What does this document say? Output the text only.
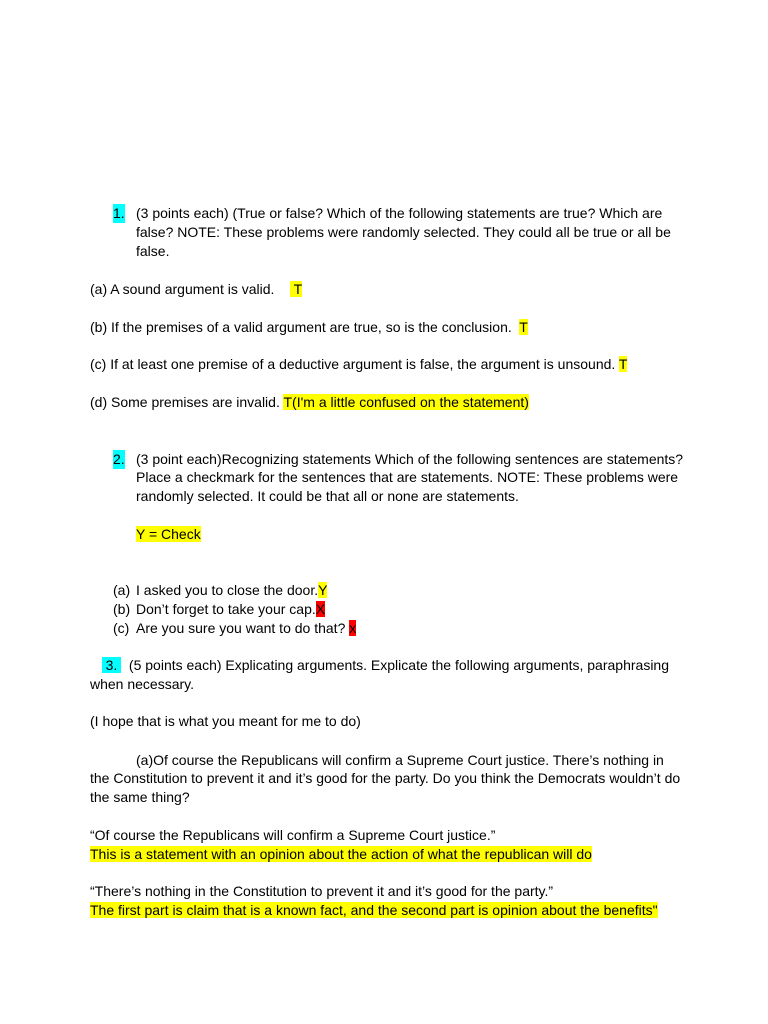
1. (3 points each) (True or false? Which of the following statements are true? Which are
false? NOTE: These problems were randomly selected. They could all be true or all be
false.
(a) A sound argument is valid.     T
(b) If the premises of a valid argument are true, so is the conclusion.  T
(c) If at least one premise of a deductive argument is false, the argument is unsound. T
(d) Some premises are invalid. T(I'm a little confused on the statement)
2. (3 point each)Recognizing statements Which of the following sentences are statements?
Place a checkmark for the sentences that are statements. NOTE: These problems were
randomly selected. It could be that all or none are statements.
Y = Check
(a) I asked you to close the door.Y
(b) Don’t forget to take your cap.X
(c) Are you sure you want to do that? x
3. (5 points each) Explicating arguments. Explicate the following arguments, paraphrasing
when necessary.
(I hope that is what you meant for me to do)
(a)Of course the Republicans will confirm a Supreme Court justice. There’s nothing in
the Constitution to prevent it and it’s good for the party. Do you think the Democrats wouldn’t do
the same thing?
“Of course the Republicans will confirm a Supreme Court justice.”
This is a statement with an opinion about the action of what the republican will do
“There’s nothing in the Constitution to prevent it and it’s good for the party.”
The first part is claim that is a known fact, and the second part is opinion about the benefits"
